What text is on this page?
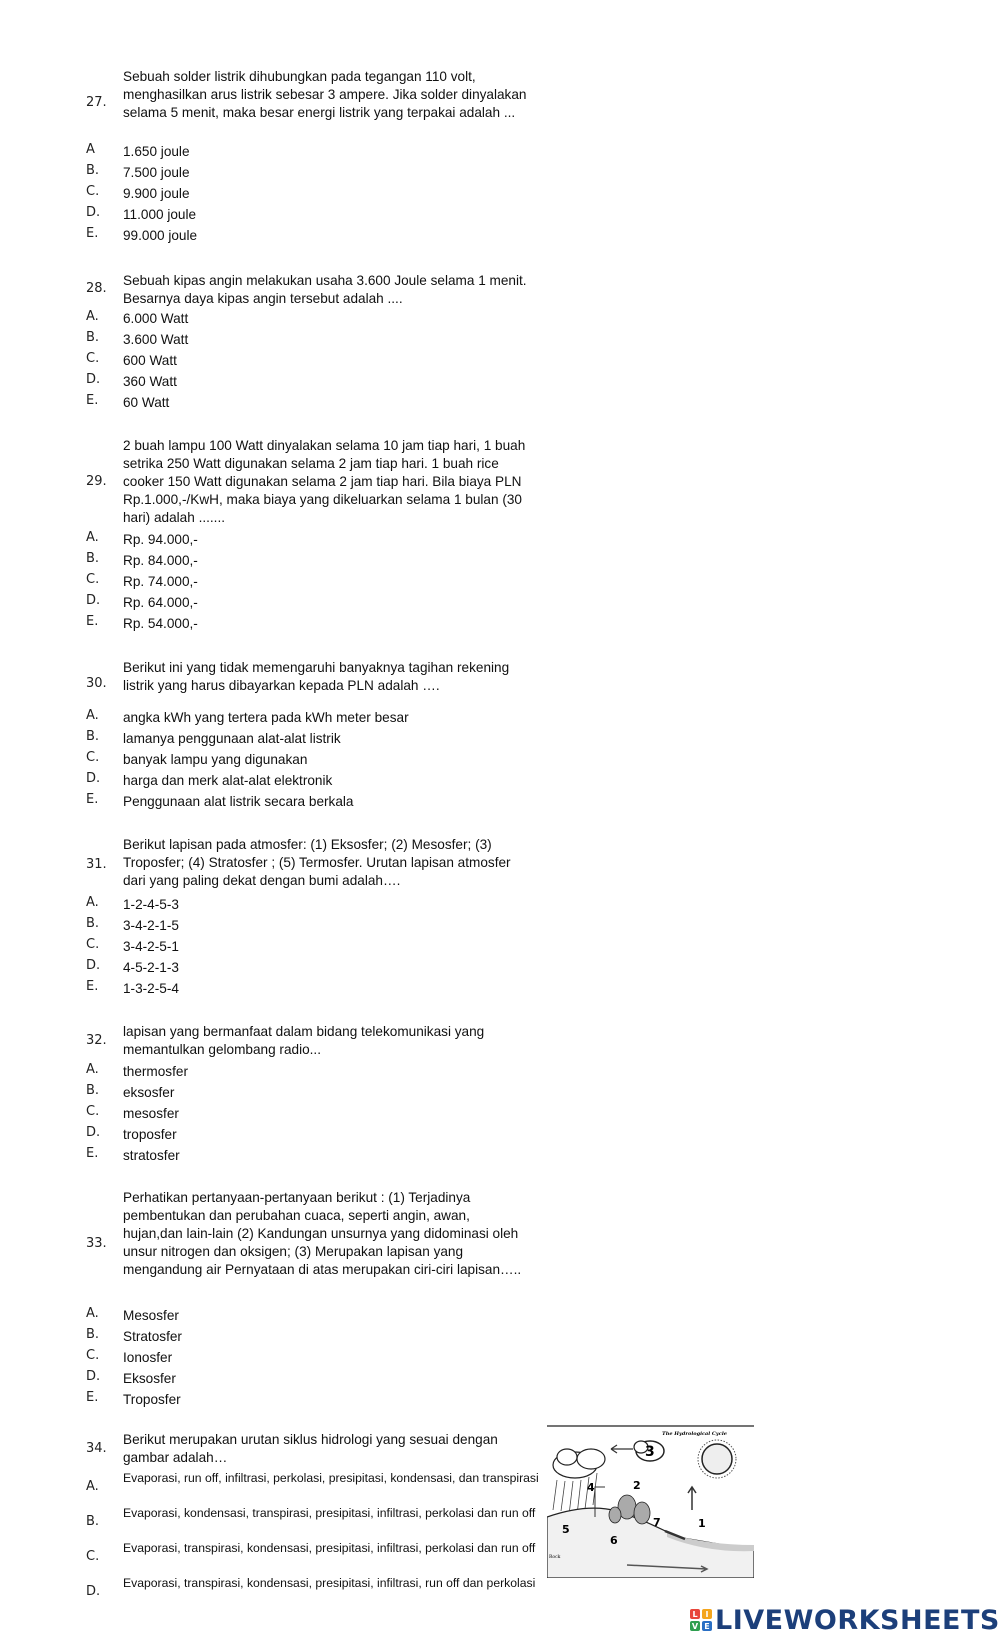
27.
Sebuah solder listrik dihubungkan pada tegangan 110 volt, menghasilkan arus listrik sebesar 3 ampere. Jika solder dinyalakan selama 5 menit, maka besar energi listrik yang terpakai adalah ...
A	1.650 joule
B.	7.500 joule
C.	9.900 joule
D.	11.000 joule
E.	99.000 joule
28.
Sebuah kipas angin melakukan usaha 3.600 Joule selama 1 menit. Besarnya daya kipas angin tersebut adalah ....
A.	6.000 Watt
B.	3.600 Watt
C.	600 Watt
D.	360 Watt
E.	60 Watt
29.
2 buah lampu 100 Watt dinyalakan selama 10 jam tiap hari, 1 buah setrika 250 Watt digunakan selama 2 jam tiap hari. 1 buah rice cooker 150 Watt digunakan selama 2 jam tiap hari. Bila biaya PLN Rp.1.000,-/KwH, maka biaya yang dikeluarkan selama 1 bulan (30 hari) adalah .......
A.	Rp. 94.000,-
B.	Rp. 84.000,-
C.	Rp. 74.000,-
D.	Rp. 64.000,-
E.	Rp. 54.000,-
30.
Berikut ini yang tidak memengaruhi banyaknya tagihan rekening listrik yang harus dibayarkan kepada PLN adalah ….
A.	angka kWh yang tertera pada kWh meter besar
B.	lamanya penggunaan alat-alat listrik
C.	banyak lampu yang digunakan
D.	harga dan merk alat-alat elektronik
E.	Penggunaan alat listrik secara berkala
31.
Berikut lapisan pada atmosfer: (1) Eksosfer; (2) Mesosfer; (3) Troposfer; (4) Stratosfer ; (5) Termosfer. Urutan lapisan atmosfer dari yang paling dekat dengan bumi adalah….
A.	1-2-4-5-3
B.	3-4-2-1-5
C.	3-4-2-5-1
D.	4-5-2-1-3
E.	1-3-2-5-4
32.
lapisan yang bermanfaat dalam bidang telekomunikasi yang memantulkan gelombang radio...
A.	thermosfer
B.	eksosfer
C.	mesosfer
D.	troposfer
E.	stratosfer
33.
Perhatikan pertanyaan-pertanyaan berikut : (1) Terjadinya pembentukan dan perubahan cuaca, seperti angin, awan, hujan,dan lain-lain (2) Kandungan unsurnya yang didominasi oleh unsur nitrogen dan oksigen; (3) Merupakan lapisan yang mengandung air Pernyataan di atas merupakan ciri-ciri lapisan…..
A.	Mesosfer
B.	Stratosfer
C.	Ionosfer
D.	Eksosfer
E.	Troposfer
34.
Berikut merupakan urutan siklus hidrologi yang sesuai dengan gambar adalah…
A.
Evaporasi, run off, infiltrasi, perkolasi, presipitasi, kondensasi, dan transpirasi
B.
Evaporasi, kondensasi, transpirasi, presipitasi, infiltrasi, perkolasi dan run off
C.
Evaporasi, transpirasi, kondensasi, presipitasi, infiltrasi, perkolasi dan run off
D.
Evaporasi, transpirasi, kondensasi, presipitasi, infiltrasi, run off dan perkolasi
The Hydrological Cycle
3
4	2
7	1
5
6
Rock
L I
V E LIVEWORKSHEETS
